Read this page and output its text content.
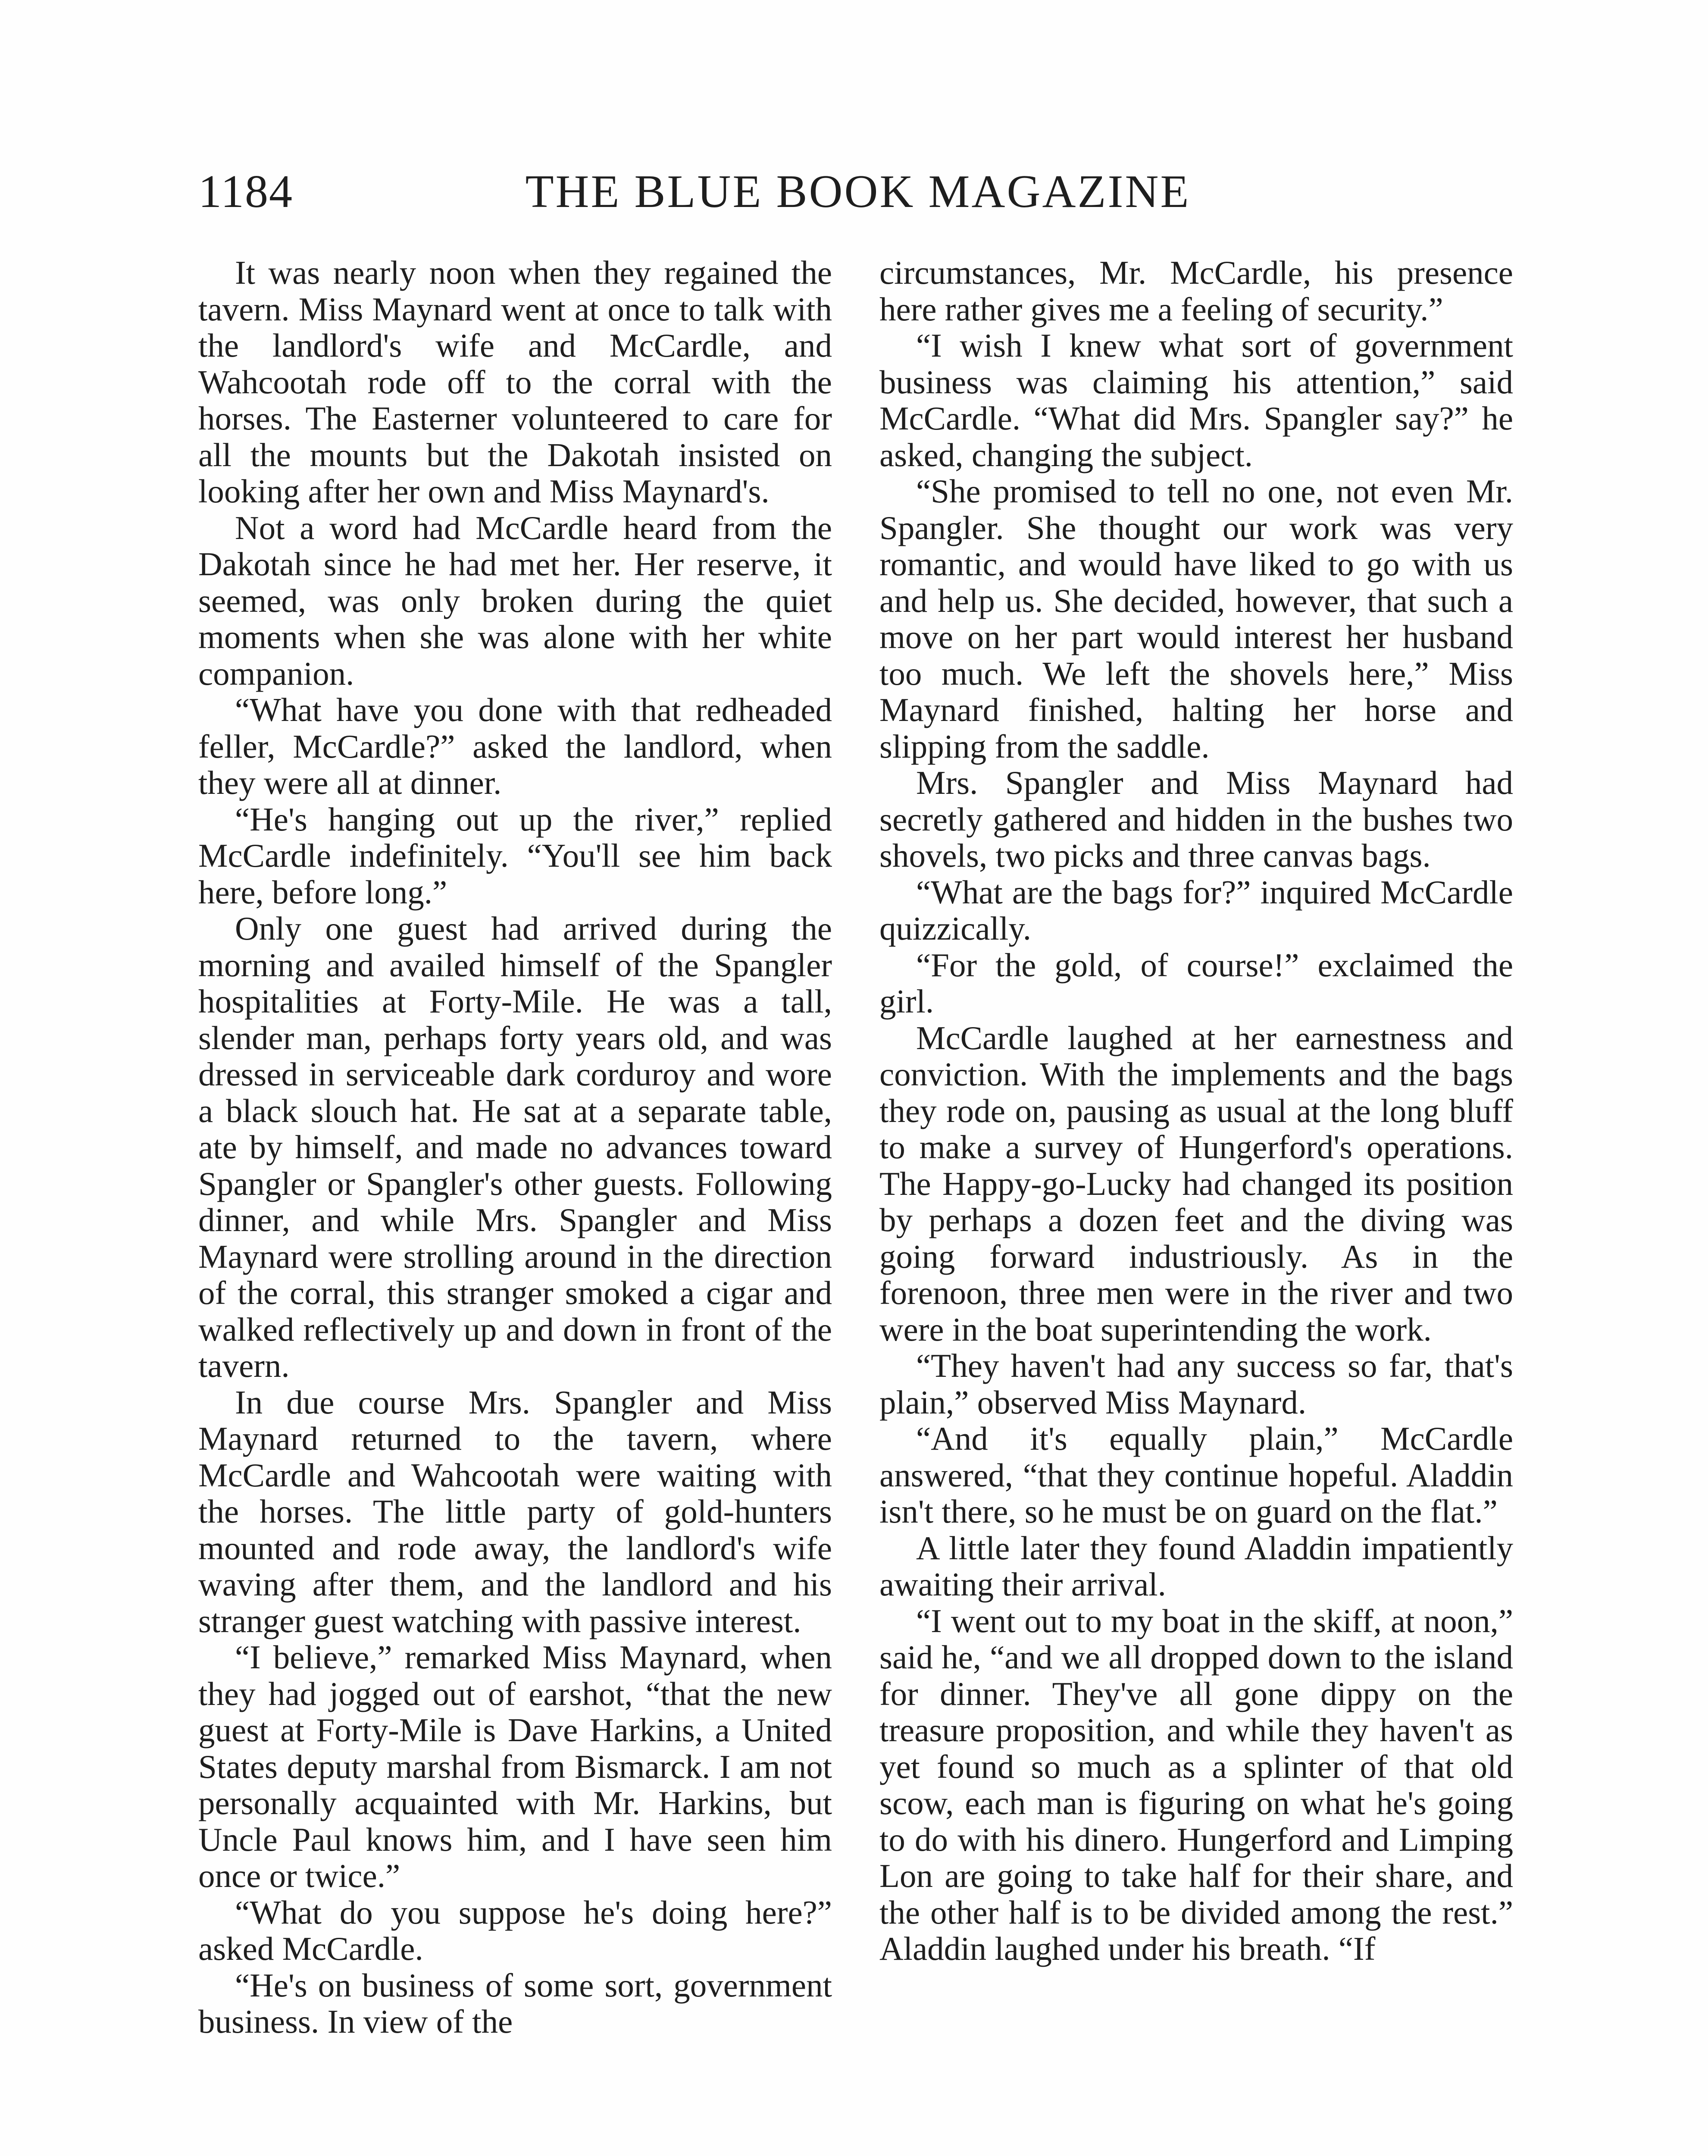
1184	THE BLUE BOOK MAGAZINE

It was nearly noon when they regained the tavern. Miss Maynard went at once to talk with the landlord's wife and McCardle, and Wahcootah rode off to the corral with the horses. The Easterner volunteered to care for all the mounts but the Dakotah insisted on looking after her own and Miss Maynard's.

Not a word had McCardle heard from the Dakotah since he had met her. Her reserve, it seemed, was only broken during the quiet moments when she was alone with her white companion.

“What have you done with that redheaded feller, McCardle?” asked the landlord, when they were all at dinner.

“He's hanging out up the river,” replied McCardle indefinitely. “You'll see him back here, before long.”

Only one guest had arrived during the morning and availed himself of the Spangler hospitalities at Forty-Mile. He was a tall, slender man, perhaps forty years old, and was dressed in serviceable dark corduroy and wore a black slouch hat. He sat at a separate table, ate by himself, and made no advances toward Spangler or Spangler's other guests. Following dinner, and while Mrs. Spangler and Miss Maynard were strolling around in the direction of the corral, this stranger smoked a cigar and walked reflectively up and down in front of the tavern.

In due course Mrs. Spangler and Miss Maynard returned to the tavern, where McCardle and Wahcootah were waiting with the horses. The little party of gold-hunters mounted and rode away, the landlord's wife waving after them, and the landlord and his stranger guest watching with passive interest.

“I believe,” remarked Miss Maynard, when they had jogged out of earshot, “that the new guest at Forty-Mile is Dave Harkins, a United States deputy marshal from Bismarck. I am not personally acquainted with Mr. Harkins, but Uncle Paul knows him, and I have seen him once or twice.”

“What do you suppose he's doing here?” asked McCardle.

“He's on business of some sort, government business. In view of the

circumstances, Mr. McCardle, his presence here rather gives me a feeling of security.”

“I wish I knew what sort of government business was claiming his attention,” said McCardle. “What did Mrs. Spangler say?” he asked, changing the subject.

“She promised to tell no one, not even Mr. Spangler. She thought our work was very romantic, and would have liked to go with us and help us. She decided, however, that such a move on her part would interest her husband too much. We left the shovels here,” Miss Maynard finished, halting her horse and slipping from the saddle.

Mrs. Spangler and Miss Maynard had secretly gathered and hidden in the bushes two shovels, two picks and three canvas bags.

“What are the bags for?” inquired McCardle quizzically.

“For the gold, of course!” exclaimed the girl.

McCardle laughed at her earnestness and conviction. With the implements and the bags they rode on, pausing as usual at the long bluff to make a survey of Hungerford's operations. The Happy-go-Lucky had changed its position by perhaps a dozen feet and the diving was going forward industriously. As in the forenoon, three men were in the river and two were in the boat superintending the work.

“They haven't had any success so far, that's plain,” observed Miss Maynard.

“And it's equally plain,” McCardle answered, “that they continue hopeful. Aladdin isn't there, so he must be on guard on the flat.”

A little later they found Aladdin impatiently awaiting their arrival.

“I went out to my boat in the skiff, at noon,” said he, “and we all dropped down to the island for dinner. They've all gone dippy on the treasure proposition, and while they haven't as yet found so much as a splinter of that old scow, each man is figuring on what he's going to do with his dinero. Hungerford and Limping Lon are going to take half for their share, and the other half is to be divided among the rest.” Aladdin laughed under his breath. “If
